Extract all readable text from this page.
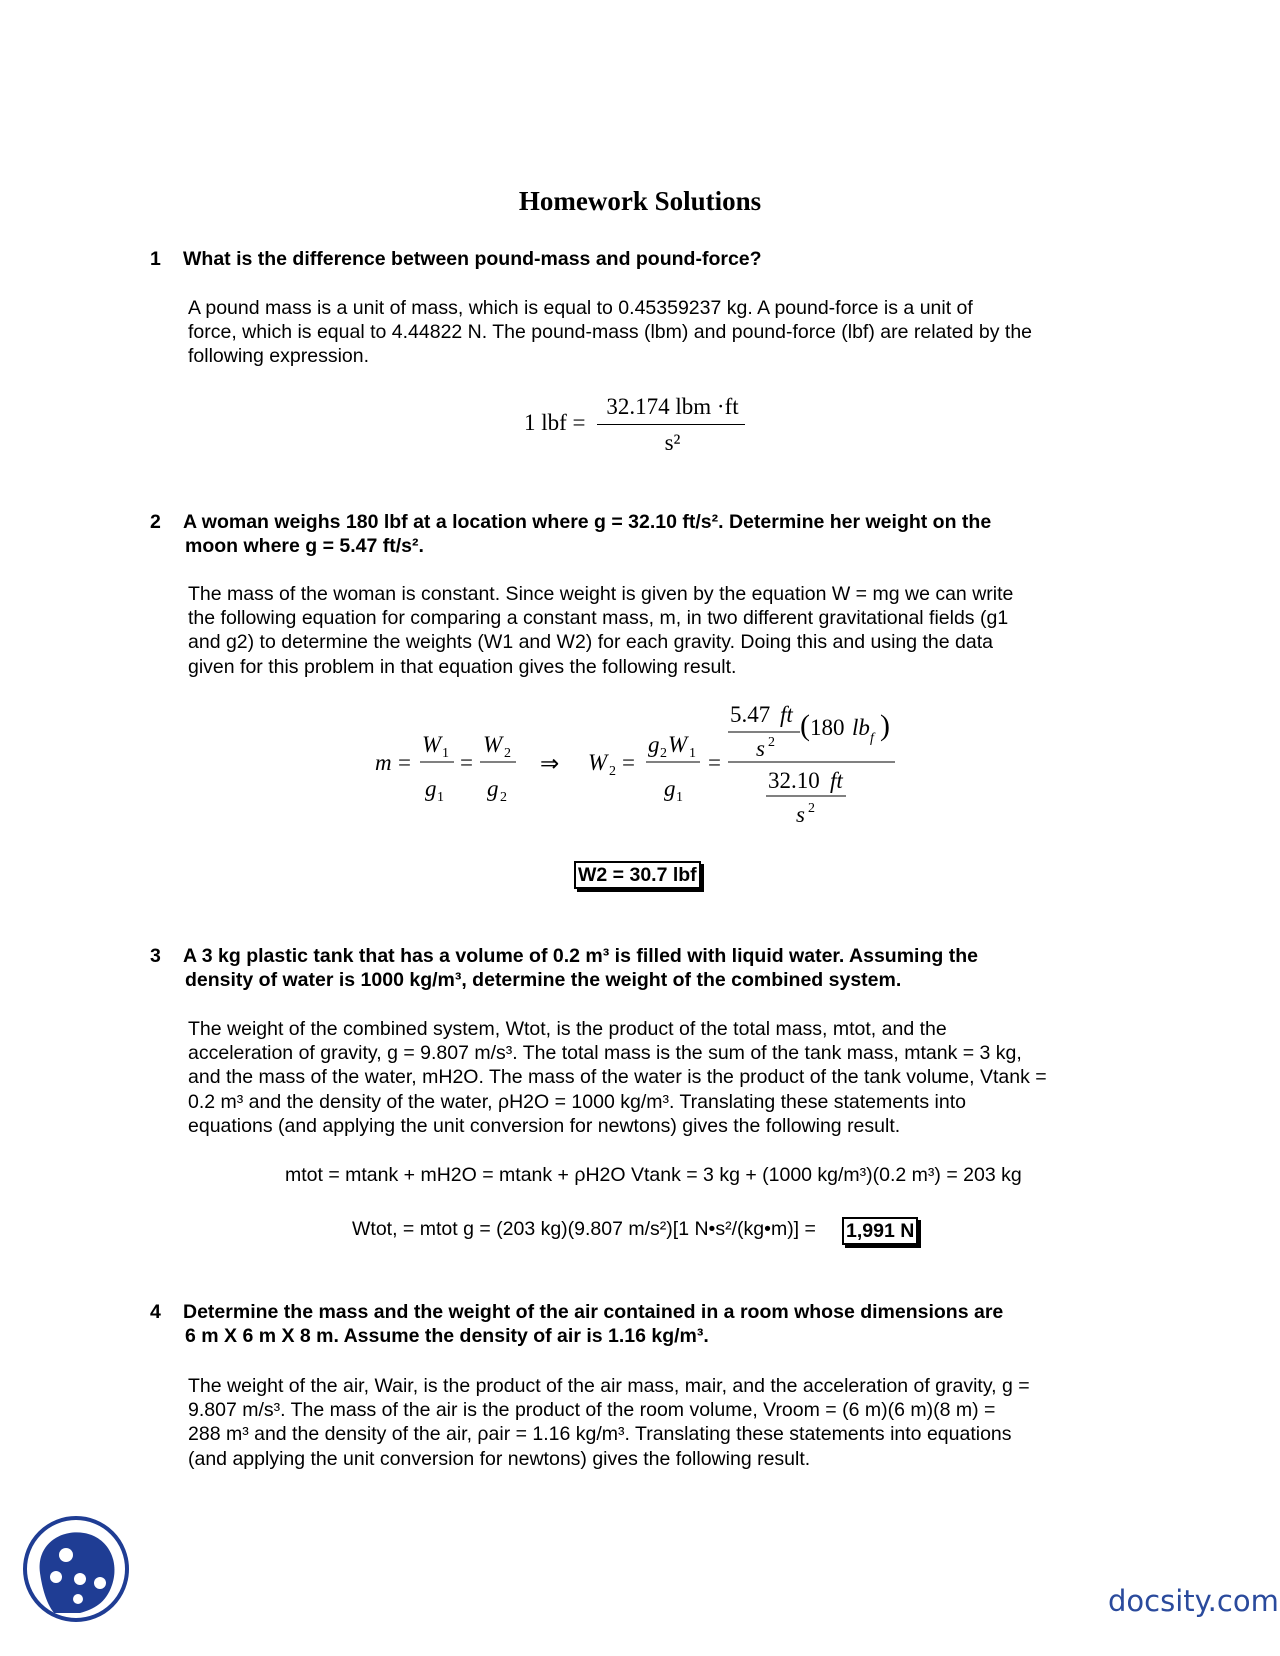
Homework Solutions
1 What is the difference between pound-mass and pound-force?
A pound mass is a unit of mass, which is equal to 0.45359237 kg. A pound-force is a unit of
force, which is equal to 4.44822 N. The pound-mass (lbm) and pound-force (lbf) are related by the
following expression.
1 lbf =
32.174 lbm ·ft
s²
2 A woman weighs 180 lbf at a location where g = 32.10 ft/s². Determine her weight on the
moon where g = 5.47 ft/s².
The mass of the woman is constant. Since weight is given by the equation W = mg we can write
the following equation for comparing a constant mass, m, in two different gravitational fields (g1
and g2) to determine the weights (W1 and W2) for each gravity. Doing this and using the data
given for this problem in that equation gives the following result.
m =
W 1
g 1
=
W 2
g 2
⇒ W 2 =
g 2 W 1
g 1
=
5.47 ft
s 2
( 180 lb f )
32.10 ft
s 2
W2 = 30.7 lbf
3 A 3 kg plastic tank that has a volume of 0.2 m³ is filled with liquid water. Assuming the
density of water is 1000 kg/m³, determine the weight of the combined system.
The weight of the combined system, Wtot, is the product of the total mass, mtot, and the
acceleration of gravity, g = 9.807 m/s³. The total mass is the sum of the tank mass, mtank = 3 kg,
and the mass of the water, mH2O. The mass of the water is the product of the tank volume, Vtank =
0.2 m³ and the density of the water, ρH2O = 1000 kg/m³. Translating these statements into
equations (and applying the unit conversion for newtons) gives the following result.
mtot = mtank + mH2O = mtank + ρH2O Vtank = 3 kg + (1000 kg/m³)(0.2 m³) = 203 kg
Wtot, = mtot g = (203 kg)(9.807 m/s²)[1 N•s²/(kg•m)] = 1,991 N
4 Determine the mass and the weight of the air contained in a room whose dimensions are
6 m X 6 m X 8 m. Assume the density of air is 1.16 kg/m³.
The weight of the air, Wair, is the product of the air mass, mair, and the acceleration of gravity, g =
9.807 m/s³. The mass of the air is the product of the room volume, Vroom = (6 m)(6 m)(8 m) =
288 m³ and the density of the air, ρair = 1.16 kg/m³. Translating these statements into equations
(and applying the unit conversion for newtons) gives the following result.
docsity.com
